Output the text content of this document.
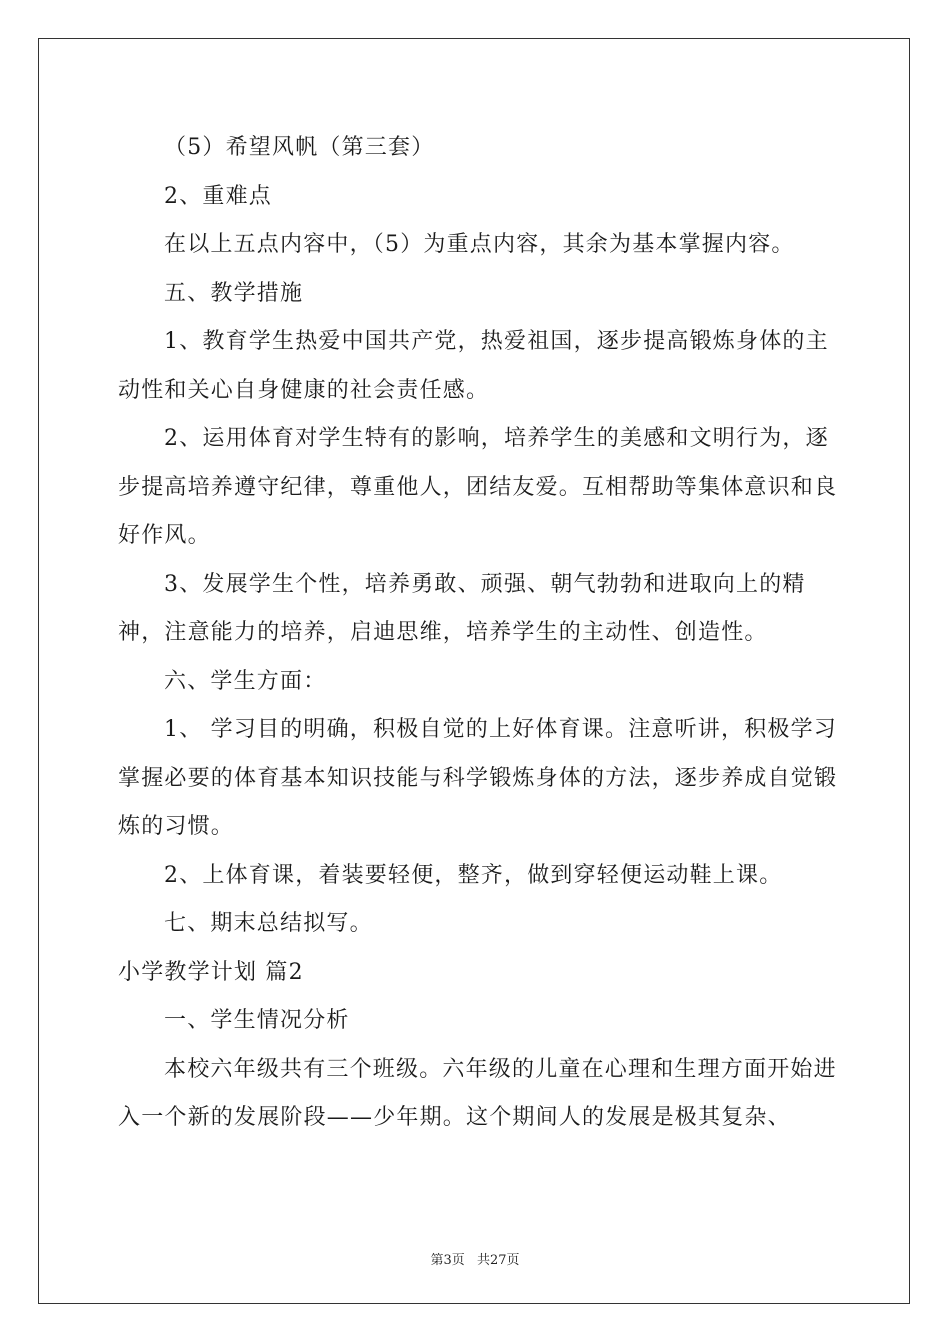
（5）希望风帆（第三套）

2、重难点

在以上五点内容中，（5）为重点内容，其余为基本掌握内容。

五、教学措施

1、教育学生热爱中国共产党，热爱祖国，逐步提高锻炼身体的主动性和关心自身健康的社会责任感。

2、运用体育对学生特有的影响，培养学生的美感和文明行为，逐步提高培养遵守纪律，尊重他人，团结友爱。互相帮助等集体意识和良好作风。

3、发展学生个性，培养勇敢、顽强、朝气勃勃和进取向上的精神，注意能力的培养，启迪思维，培养学生的主动性、创造性。

六、学生方面：

1、 学习目的明确，积极自觉的上好体育课。注意听讲，积极学习掌握必要的体育基本知识技能与科学锻炼身体的方法，逐步养成自觉锻炼的习惯。

2、上体育课，着装要轻便，整齐，做到穿轻便运动鞋上课。

七、期末总结拟写。

小学教学计划 篇2

一、学生情况分析

本校六年级共有三个班级。六年级的儿童在心理和生理方面开始进入一个新的发展阶段——少年期。这个期间人的发展是极其复杂、

第3页 共27页
